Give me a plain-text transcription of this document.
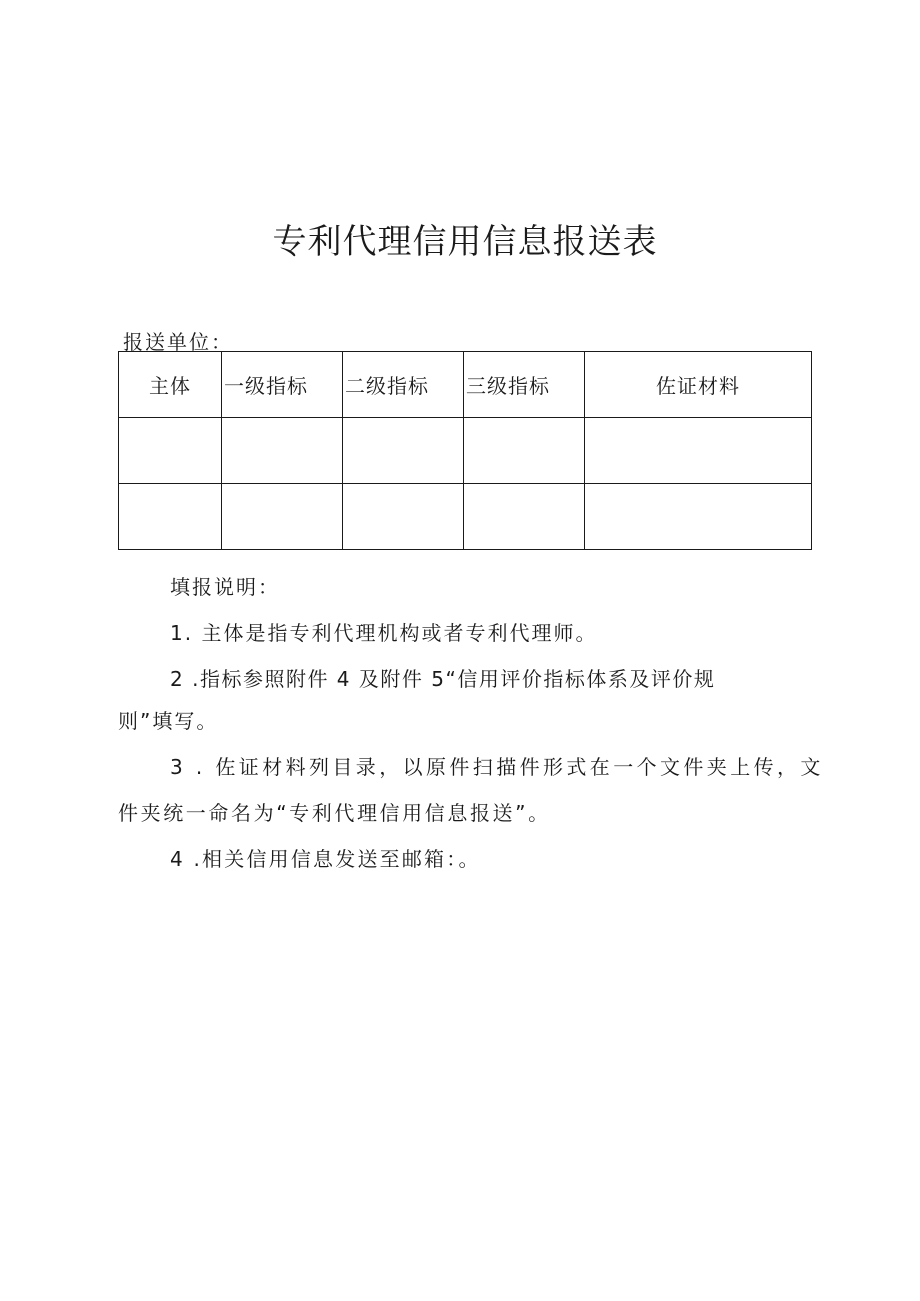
专利代理信用信息报送表
报送单位：
主体	一级指标	二级指标	三级指标	佐证材料

填报说明：
1. 主体是指专利代理机构或者专利代理师。
2 .指标参照附件 4 及附件 5“信用评价指标体系及评价规
则”填写。
3 . 佐证材料列目录，以原件扫描件形式在一个文件夹上传，文
件夹统一命名为“专利代理信用信息报送”。
4 .相关信用信息发送至邮箱：。
